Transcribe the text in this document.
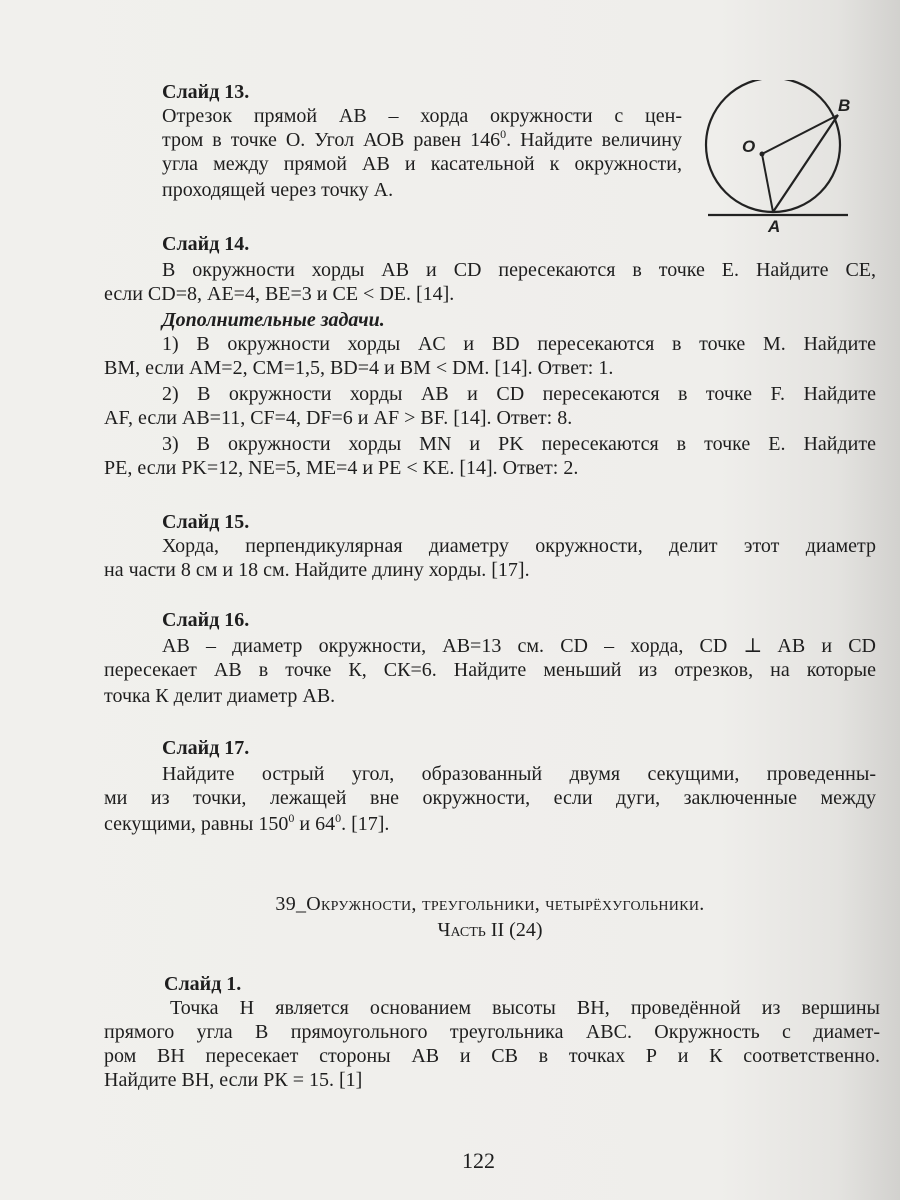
B
O
A
Слайд 13.
Отрезок прямой АВ – хорда окружности с цен-
тром в точке О. Угол АОВ равен $146^0$. Найдите величину
угла между прямой АВ и касательной к окружности,
проходящей через точку А.
Слайд 14.
В окружности хорды AB и CD пересекаются в точке Е. Найдите СЕ,
если CD=8, АЕ=4, ВЕ=3 и СЕ < DE. [14].
Дополнительные задачи.
1) В окружности хорды AC и BD пересекаются в точке M. Найдите
BM, если AM=2, CM=1,5, BD=4 и BM < DM. [14]. Ответ: 1.
2) В окружности хорды AB и CD пересекаются в точке F. Найдите
AF, если AB=11, CF=4, DF=6 и AF > BF. [14]. Ответ: 8.
3) В окружности хорды MN и PK пересекаются в точке E. Найдите
PE, если PK=12, NE=5, ME=4 и PE < KE. [14]. Ответ: 2.
Слайд 15.
Хорда, перпендикулярная диаметру окружности, делит этот диаметр
на части 8 см и 18 см. Найдите длину хорды. [17].
Слайд 16.
АВ – диаметр окружности, АВ=13 см. CD – хорда, CD ⊥ AB и CD
пересекает АВ в точке К, СК=6. Найдите меньший из отрезков, на которые
точка К делит диаметр АВ.
Слайд 17.
Найдите острый угол, образованный двумя секущими, проведенны-
ми из точки, лежащей вне окружности, если дуги, заключенные между
секущими, равны $150^0$ и $64^0$. [17].
39_Окружности, треугольники, четырёхугольники.
Часть II (24)
Слайд 1.
Точка Н является основанием высоты ВН, проведённой из вершины
прямого угла В прямоугольного треугольника АВС. Окружность с диамет-
ром ВН пересекает стороны АВ и СВ в точках Р и К соответственно.
Найдите ВН, если РК = 15. [1]
122
